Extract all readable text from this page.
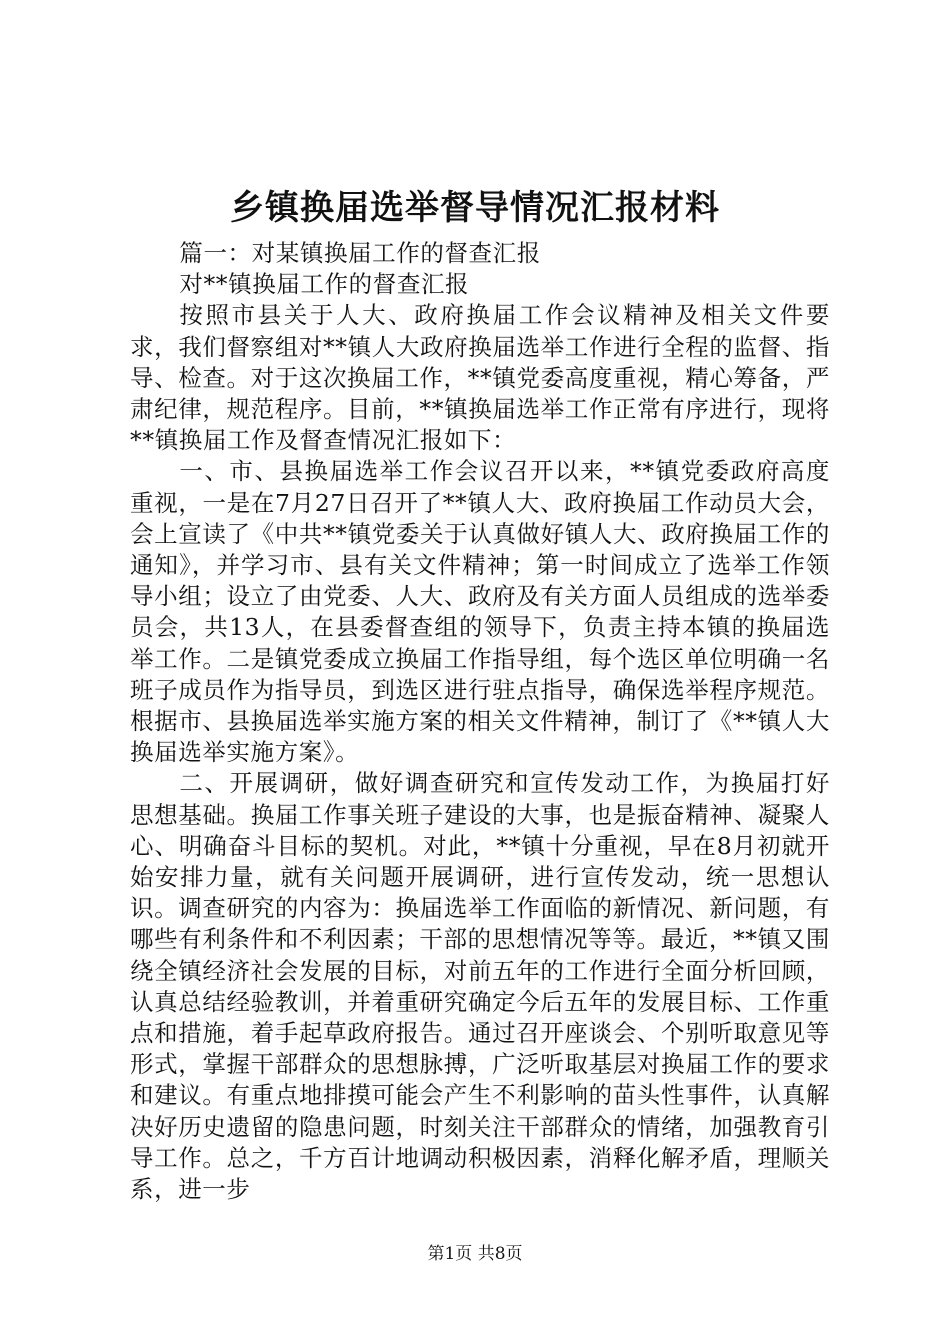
乡镇换届选举督导情况汇报材料

篇一：对某镇换届工作的督查汇报

对**镇换届工作的督查汇报

按照市县关于人大、政府换届工作会议精神及相关文件要求，我们督察组对**镇人大政府换届选举工作进行全程的监督、指导、检查。对于这次换届工作，**镇党委高度重视，精心筹备，严肃纪律，规范程序。目前，**镇换届选举工作正常有序进行，现将**镇换届工作及督查情况汇报如下：

一、市、县换届选举工作会议召开以来，**镇党委政府高度重视，一是在7月27日召开了**镇人大、政府换届工作动员大会，会上宣读了《中共**镇党委关于认真做好镇人大、政府换届工作的通知》，并学习市、县有关文件精神；第一时间成立了选举工作领导小组；设立了由党委、人大、政府及有关方面人员组成的选举委员会，共13人，在县委督查组的领导下，负责主持本镇的换届选举工作。二是镇党委成立换届工作指导组，每个选区单位明确一名班子成员作为指导员，到选区进行驻点指导，确保选举程序规范。根据市、县换届选举实施方案的相关文件精神，制订了《**镇人大换届选举实施方案》。

二、开展调研，做好调查研究和宣传发动工作，为换届打好思想基础。换届工作事关班子建设的大事，也是振奋精神、凝聚人心、明确奋斗目标的契机。对此，**镇十分重视，早在8月初就开始安排力量，就有关问题开展调研，进行宣传发动，统一思想认识。调查研究的内容为：换届选举工作面临的新情况、新问题，有哪些有利条件和不利因素；干部的思想情况等等。最近，**镇又围绕全镇经济社会发展的目标，对前五年的工作进行全面分析回顾，认真总结经验教训，并着重研究确定今后五年的发展目标、工作重点和措施，着手起草政府报告。通过召开座谈会、个别听取意见等形式，掌握干部群众的思想脉搏，广泛听取基层对换届工作的要求和建议。有重点地排摸可能会产生不利影响的苗头性事件，认真解决好历史遗留的隐患问题，时刻关注干部群众的情绪，加强教育引导工作。总之，千方百计地调动积极因素，消释化解矛盾，理顺关系，进一步

第1页 共8页
